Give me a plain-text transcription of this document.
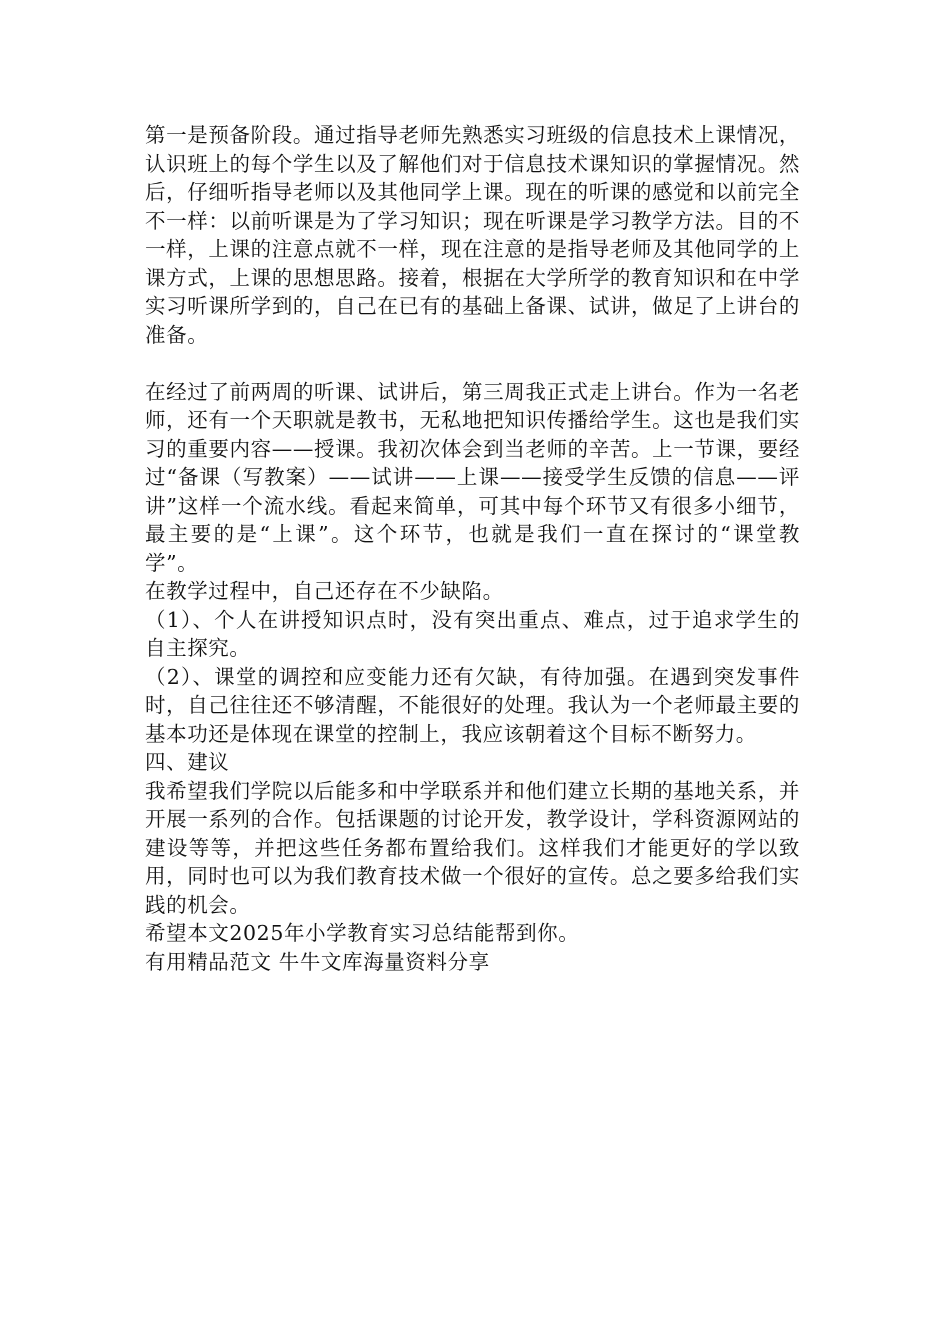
第一是预备阶段。通过指导老师先熟悉实习班级的信息技术上课情况，认识班上的每个学生以及了解他们对于信息技术课知识的掌握情况。然后，仔细听指导老师以及其他同学上课。现在的听课的感觉和以前完全不一样：以前听课是为了学习知识；现在听课是学习教学方法。目的不一样，上课的注意点就不一样，现在注意的是指导老师及其他同学的上课方式，上课的思想思路。接着，根据在大学所学的教育知识和在中学实习听课所学到的，自己在已有的基础上备课、试讲，做足了上讲台的准备。

在经过了前两周的听课、试讲后，第三周我正式走上讲台。作为一名老师，还有一个天职就是教书，无私地把知识传播给学生。这也是我们实习的重要内容——授课。我初次体会到当老师的辛苦。上一节课，要经过“备课（写教案）——试讲——上课——接受学生反馈的信息——评讲”这样一个流水线。看起来简单，可其中每个环节又有很多小细节，最主要的是“上课”。这个环节，也就是我们一直在探讨的“课堂教学”。

在教学过程中，自己还存在不少缺陷。

（1）、个人在讲授知识点时，没有突出重点、难点，过于追求学生的自主探究。

（2）、课堂的调控和应变能力还有欠缺，有待加强。在遇到突发事件时，自己往往还不够清醒，不能很好的处理。我认为一个老师最主要的基本功还是体现在课堂的控制上，我应该朝着这个目标不断努力。

四、建议

我希望我们学院以后能多和中学联系并和他们建立长期的基地关系，并开展一系列的合作。包括课题的讨论开发，教学设计，学科资源网站的建设等等，并把这些任务都布置给我们。这样我们才能更好的学以致用，同时也可以为我们教育技术做一个很好的宣传。总之要多给我们实践的机会。

希望本文2025年小学教育实习总结能帮到你。

有用精品范文 牛牛文库海量资料分享
